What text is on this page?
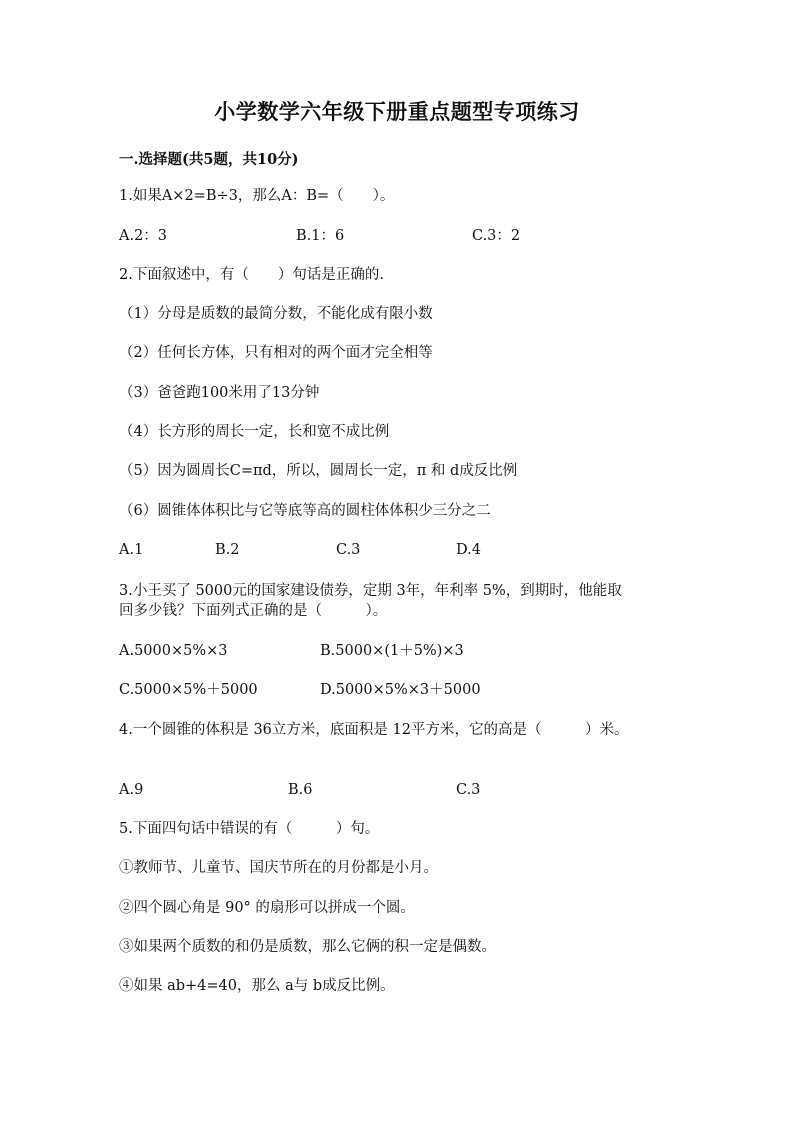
小学数学六年级下册重点题型专项练习
一.选择题(共5题，共10分)
1.如果A×2=B÷3，那么A：B=（　　）。
A.2：3	B.1：6	C.3：2
2.下面叙述中，有（　　）句话是正确的.
（1）分母是质数的最简分数，不能化成有限小数
（2）任何长方体，只有相对的两个面才完全相等
（3）爸爸跑100米用了13分钟
（4）长方形的周长一定，长和宽不成比例
（5）因为圆周长C=πd，所以，圆周长一定，π 和 d成反比例
（6）圆锥体体积比与它等底等高的圆柱体体积少三分之二
A.1	B.2	C.3	D.4
3.小王买了 5000元的国家建设债券，定期 3年，年利率 5%，到期时，他能取
回多少钱？下面列式正确的是（　　　）。
A.5000×5%×3	B.5000×(1＋5%)×3
C.5000×5%＋5000	D.5000×5%×3＋5000
4.一个圆锥的体积是 36立方米，底面积是 12平方米，它的高是（　　　）米。
A.9	B.6	C.3
5.下面四句话中错误的有（　　　）句。
①教师节、儿童节、国庆节所在的月份都是小月。
②四个圆心角是 90° 的扇形可以拼成一个圆。
③如果两个质数的和仍是质数，那么它俩的积一定是偶数。
④如果 ab+4=40，那么 a与 b成反比例。
